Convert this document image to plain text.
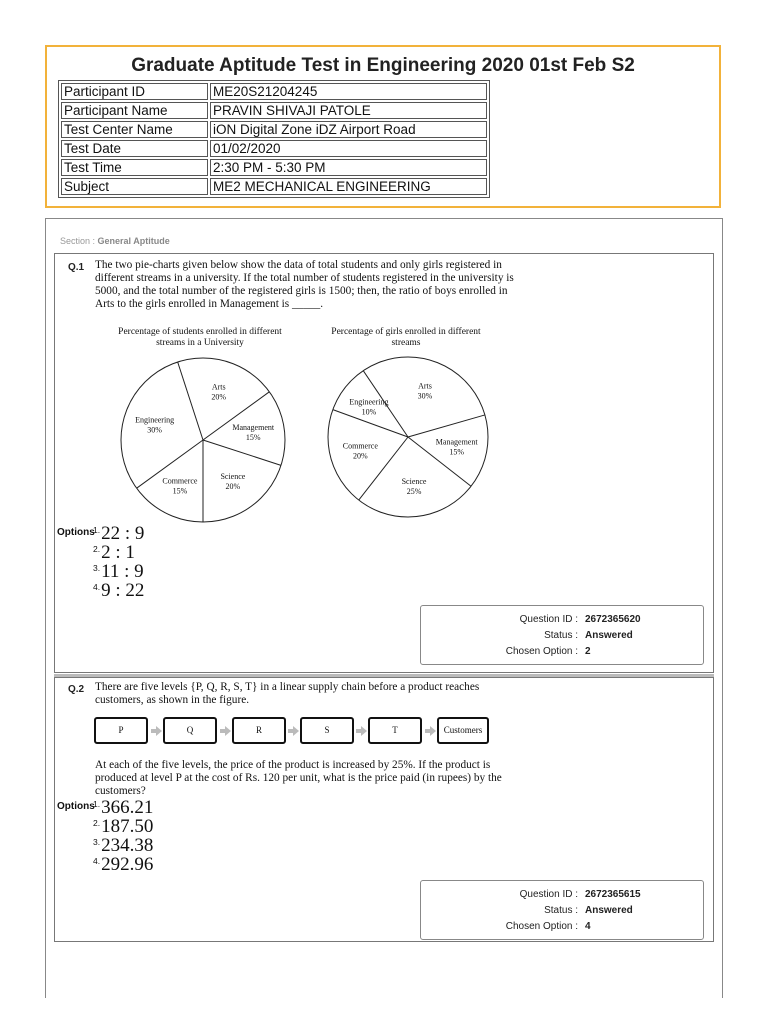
Graduate Aptitude Test in Engineering 2020 01st Feb S2
Participant ID	ME20S21204245
Participant Name	PRAVIN SHIVAJI PATOLE
Test Center Name	iON Digital Zone iDZ Airport Road
Test Date	01/02/2020
Test Time	2:30 PM - 5:30 PM
Subject	ME2 MECHANICAL ENGINEERING
Section : General Aptitude
Q.1 The two pie-charts given below show the data of total students and only girls registered in different streams in a university. If the total number of students registered in the university is 5000, and the total number of the registered girls is 1500; then, the ratio of boys enrolled in Arts to the girls enrolled in Management is _____.
Percentage of students enrolled in different streams in a University
Percentage of girls enrolled in different streams
Arts
20%
Management
15%
Science
20%
Commerce
15%
Engineering
30%
Arts
30%
Management
15%
Science
25%
Commerce
20%
Engineering
10%
Options
$^{1.}$22 : 9
$^{2.}$2 : 1
$^{3.}$11 : 9
$^{4.}$9 : 22
Question ID : 2672365620
Status : Answered
Chosen Option : 2
Q.2 There are five levels {P, Q, R, S, T} in a linear supply chain before a product reaches customers, as shown in the figure.
P	Q	R	S	T	Customers
At each of the five levels, the price of the product is increased by 25%. If the product is produced at level P at the cost of Rs. 120 per unit, what is the price paid (in rupees) by the customers?
Options
$^{1.}$366.21
$^{2.}$187.50
$^{3.}$234.38
$^{4.}$292.96
Question ID : 2672365615
Status : Answered
Chosen Option : 4
